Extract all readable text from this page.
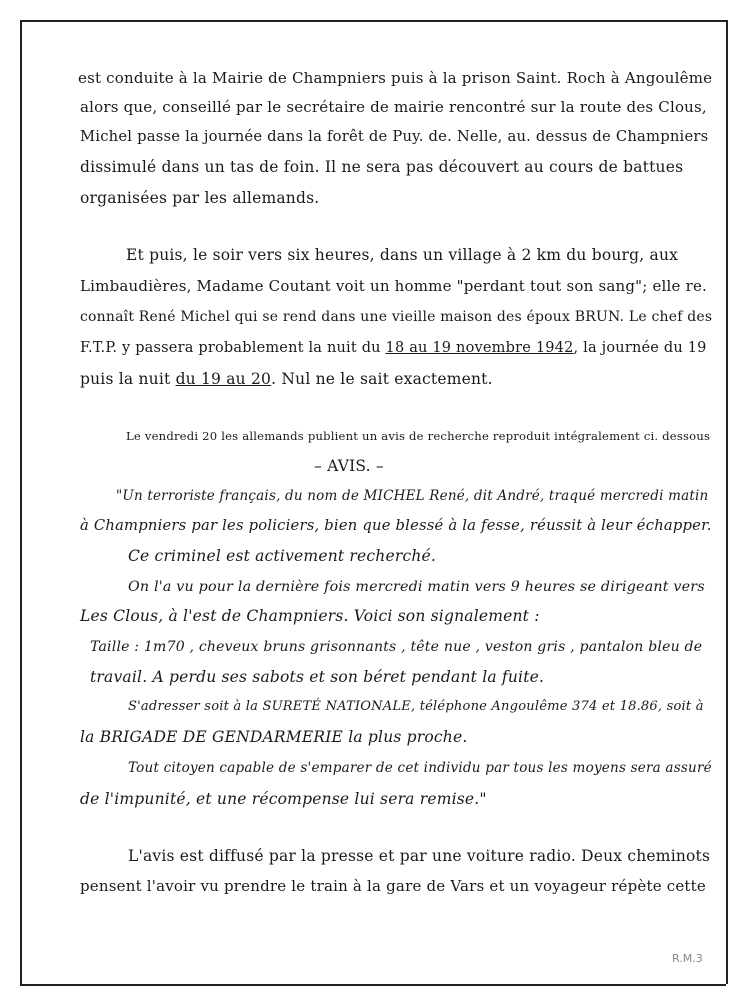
est conduite à la Mairie de Champniers puis à la prison Saint. Roch à Angoulême
alors que, conseillé par le secrétaire de mairie rencontré sur la route des Clous,
Michel passe la journée dans la forêt de Puy. de. Nelle, au. dessus de Champniers
dissimulé dans un tas de foin. Il ne sera pas découvert au cours de battues
organisées par les allemands.
Et puis, le soir vers six heures, dans un village à 2 km du bourg, aux
Limbaudières, Madame Coutant voit un homme "perdant tout son sang"; elle re.
connaît René Michel qui se rend dans une vieille maison des époux BRUN. Le chef des
F.T.P. y passera probablement la nuit du 18 au 19 novembre 1942, la journée du 19
puis la nuit du 19 au 20. Nul ne le sait exactement.
Le vendredi 20 les allemands publient un avis de recherche reproduit intégralement ci. dessous
– AVIS. –
"Un terroriste français, du nom de MICHEL René, dit André, traqué mercredi matin
à Champniers par les policiers, bien que blessé à la fesse, réussit à leur échapper.
Ce criminel est activement recherché.
On l'a vu pour la dernière fois mercredi matin vers 9 heures se dirigeant vers
Les Clous, à l'est de Champniers. Voici son signalement :
Taille : 1m70 , cheveux bruns grisonnants , tête nue , veston gris , pantalon bleu de
travail. A perdu ses sabots et son béret pendant la fuite.
S'adresser soit à la SURETÉ NATIONALE, téléphone Angoulême 374 et 18.86, soit à
la BRIGADE DE GENDARMERIE la plus proche.
Tout citoyen capable de s'emparer de cet individu par tous les moyens sera assuré
de l'impunité, et une récompense lui sera remise."
L'avis est diffusé par la presse et par une voiture radio. Deux cheminots
pensent l'avoir vu prendre le train à la gare de Vars et un voyageur répète cette
R.M.3
